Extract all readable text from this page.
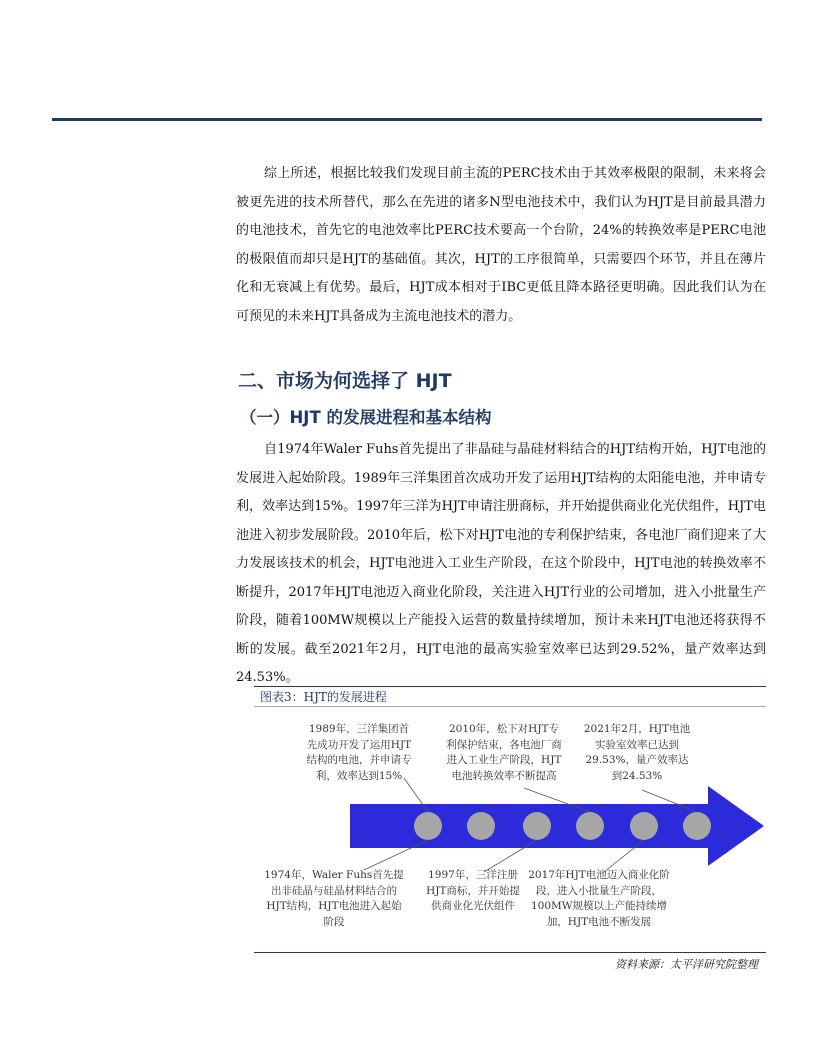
综上所述，根据比较我们发现目前主流的PERC技术由于其效率极限的限制，未来将会被更先进的技术所替代，那么在先进的诸多N型电池技术中，我们认为HJT是目前最具潜力的电池技术，首先它的电池效率比PERC技术要高一个台阶，24%的转换效率是PERC电池的极限值而却只是HJT的基础值。其次，HJT的工序很简单，只需要四个环节，并且在薄片化和无衰减上有优势。最后，HJT成本相对于IBC更低且降本路径更明确。因此我们认为在可预见的未来HJT具备成为主流电池技术的潜力。
二、市场为何选择了 HJT
（一）HJT 的发展进程和基本结构
自1974年Waler Fuhs首先提出了非晶硅与晶硅材料结合的HJT结构开始，HJT电池的发展进入起始阶段。1989年三洋集团首次成功开发了运用HJT结构的太阳能电池，并申请专利，效率达到15%。1997年三洋为HJT申请注册商标，并开始提供商业化光伏组件，HJT电池进入初步发展阶段。2010年后，松下对HJT电池的专利保护结束，各电池厂商们迎来了大力发展该技术的机会，HJT电池进入工业生产阶段，在这个阶段中，HJT电池的转换效率不断提升，2017年HJT电池迈入商业化阶段，关注进入HJT行业的公司增加，进入小批量生产阶段，随着100MW规模以上产能投入运营的数量持续增加，预计未来HJT电池还将获得不断的发展。截至2021年2月，HJT电池的最高实验室效率已达到29.52%，量产效率达到24.53%。
图表3：HJT的发展进程
1989年，三洋集团首先成功开发了运用HJT结构的电池，并申请专利，效率达到15%
2010年，松下对HJT专利保护结束，各电池厂商进入工业生产阶段，HJT电池转换效率不断提高
2021年2月，HJT电池实验室效率已达到29.53%，量产效率达到24.53%
1974年，Waler Fuhs首先提出非硅晶与硅晶材料结合的HJT结构，HJT电池进入起始阶段
1997年，三洋注册HJT商标，并开始提供商业化光伏组件
2017年HJT电池迈入商业化阶段，进入小批量生产阶段，100MW规模以上产能持续增加，HJT电池不断发展
资料来源：太平洋研究院整理
